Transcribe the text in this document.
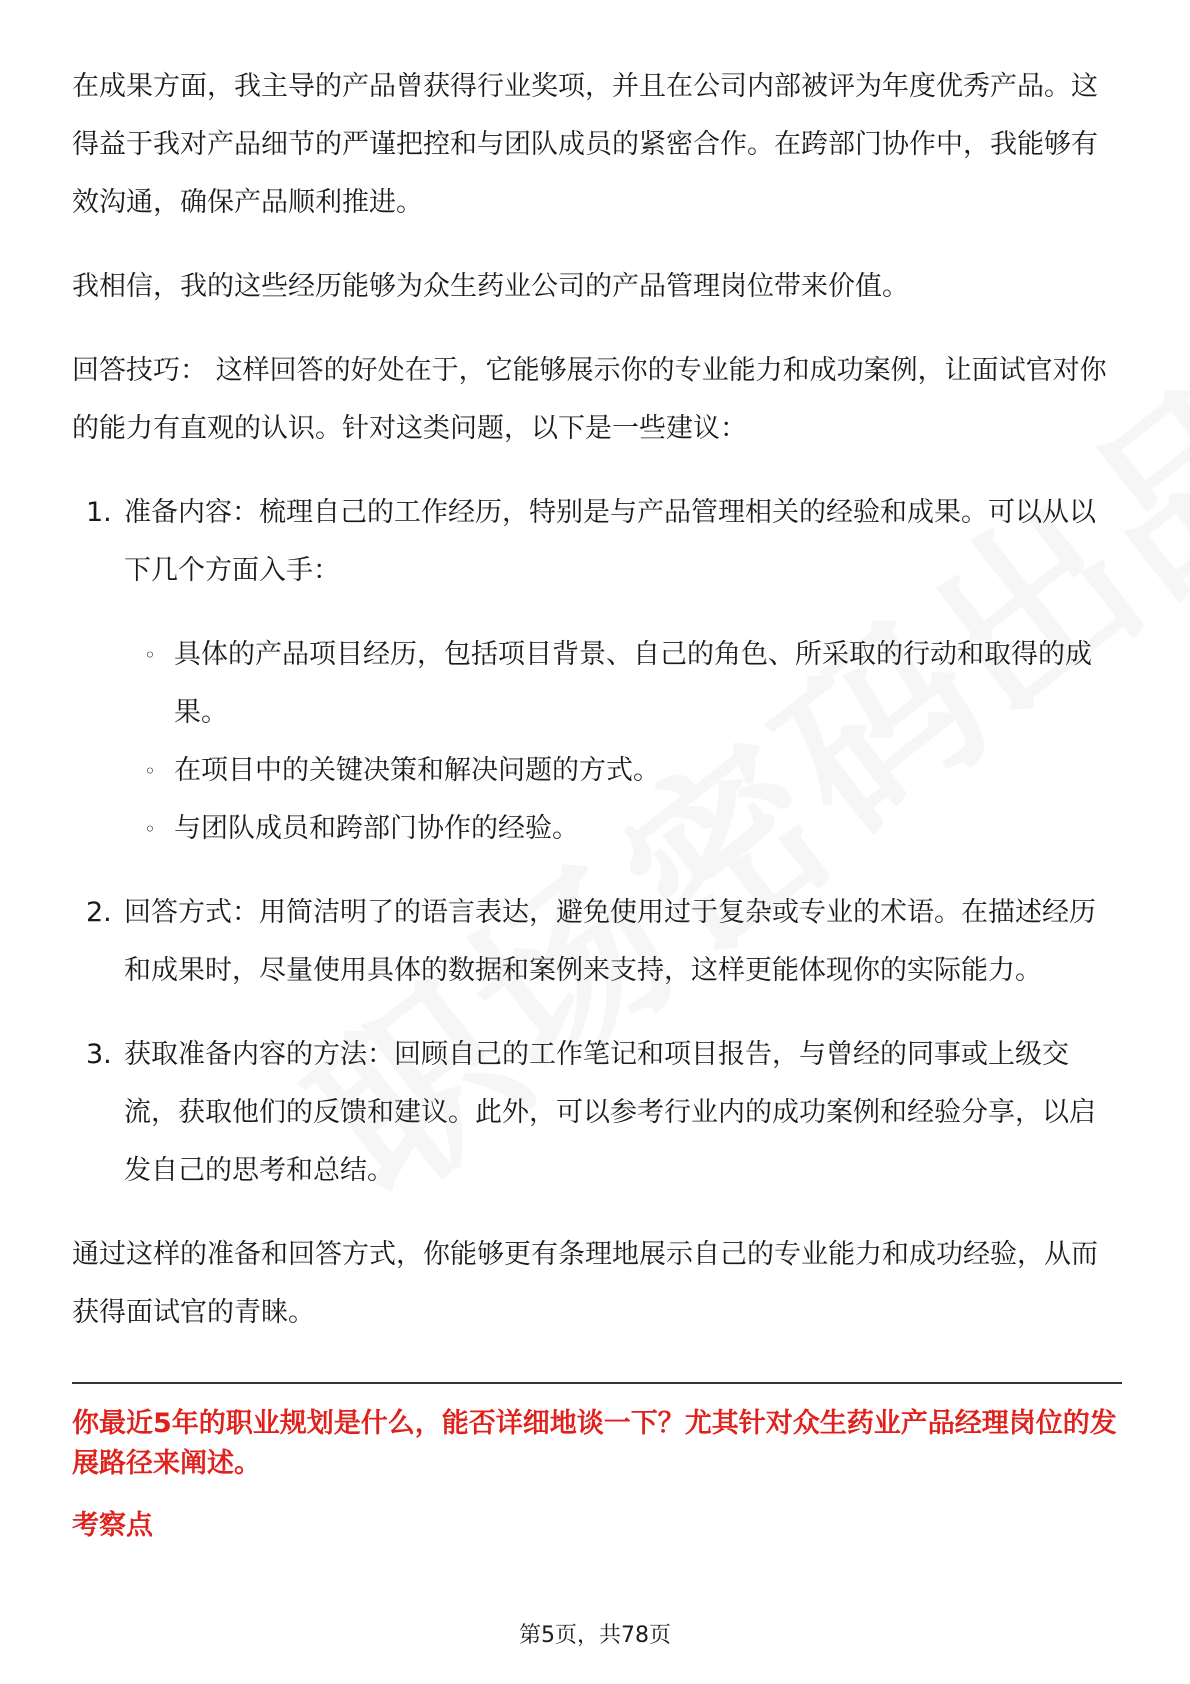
在成果方面，我主导的产品曾获得行业奖项，并且在公司内部被评为年度优秀产品。这得益于我对产品细节的严谨把控和与团队成员的紧密合作。在跨部门协作中，我能够有效沟通，确保产品顺利推进。

我相信，我的这些经历能够为众生药业公司的产品管理岗位带来价值。

回答技巧： 这样回答的好处在于，它能够展示你的专业能力和成功案例，让面试官对你的能力有直观的认识。针对这类问题，以下是一些建议：

1. 准备内容：梳理自己的工作经历，特别是与产品管理相关的经验和成果。可以从以下几个方面入手：
◦ 具体的产品项目经历，包括项目背景、自己的角色、所采取的行动和取得的成果。
◦ 在项目中的关键决策和解决问题的方式。
◦ 与团队成员和跨部门协作的经验。
2. 回答方式：用简洁明了的语言表达，避免使用过于复杂或专业的术语。在描述经历和成果时，尽量使用具体的数据和案例来支持，这样更能体现你的实际能力。
3. 获取准备内容的方法：回顾自己的工作笔记和项目报告，与曾经的同事或上级交流，获取他们的反馈和建议。此外，可以参考行业内的成功案例和经验分享，以启发自己的思考和总结。

通过这样的准备和回答方式，你能够更有条理地展示自己的专业能力和成功经验，从而获得面试官的青睐。

你最近5年的职业规划是什么，能否详细地谈一下？尤其针对众生药业产品经理岗位的发展路径来阐述。
考察点
第5页，共78页
